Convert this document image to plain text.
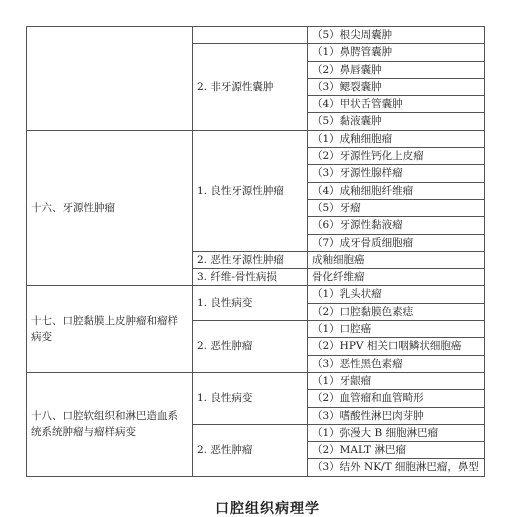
		（5）根尖周囊肿
	2. 非牙源性囊肿	（1）鼻腭管囊肿
		（2）鼻唇囊肿
		（3）鳃裂囊肿
		（4）甲状舌管囊肿
		（5）黏液囊肿
十六、牙源性肿瘤	1. 良性牙源性肿瘤	（1）成釉细胞瘤
		（2）牙源性钙化上皮瘤
		（3）牙源性腺样瘤
		（4）成釉细胞纤维瘤
		（5）牙瘤
		（6）牙源性黏液瘤
		（7）成牙骨质细胞瘤
	2. 恶性牙源性肿瘤	成釉细胞癌
	3. 纤维-骨性病损	骨化纤维瘤
十七、口腔黏膜上皮肿瘤和瘤样病变	1. 良性病变	（1）乳头状瘤
		（2）口腔黏膜色素痣
	2. 恶性肿瘤	（1）口腔癌
		（2）HPV 相关口咽鳞状细胞癌

		（3）恶性黑色素瘤
十八、口腔软组织和淋巴造血系统系统肿瘤与瘤样病变	1. 良性病变	（1）牙龈瘤
		（2）血管瘤和血管畸形
		（3）嗜酸性淋巴肉芽肿
	2. 恶性肿瘤	（1）弥漫大 B 细胞淋巴瘤
		（2）MALT 淋巴瘤
		（3）结外 NK/T 细胞淋巴瘤，鼻型

口腔组织病理学
